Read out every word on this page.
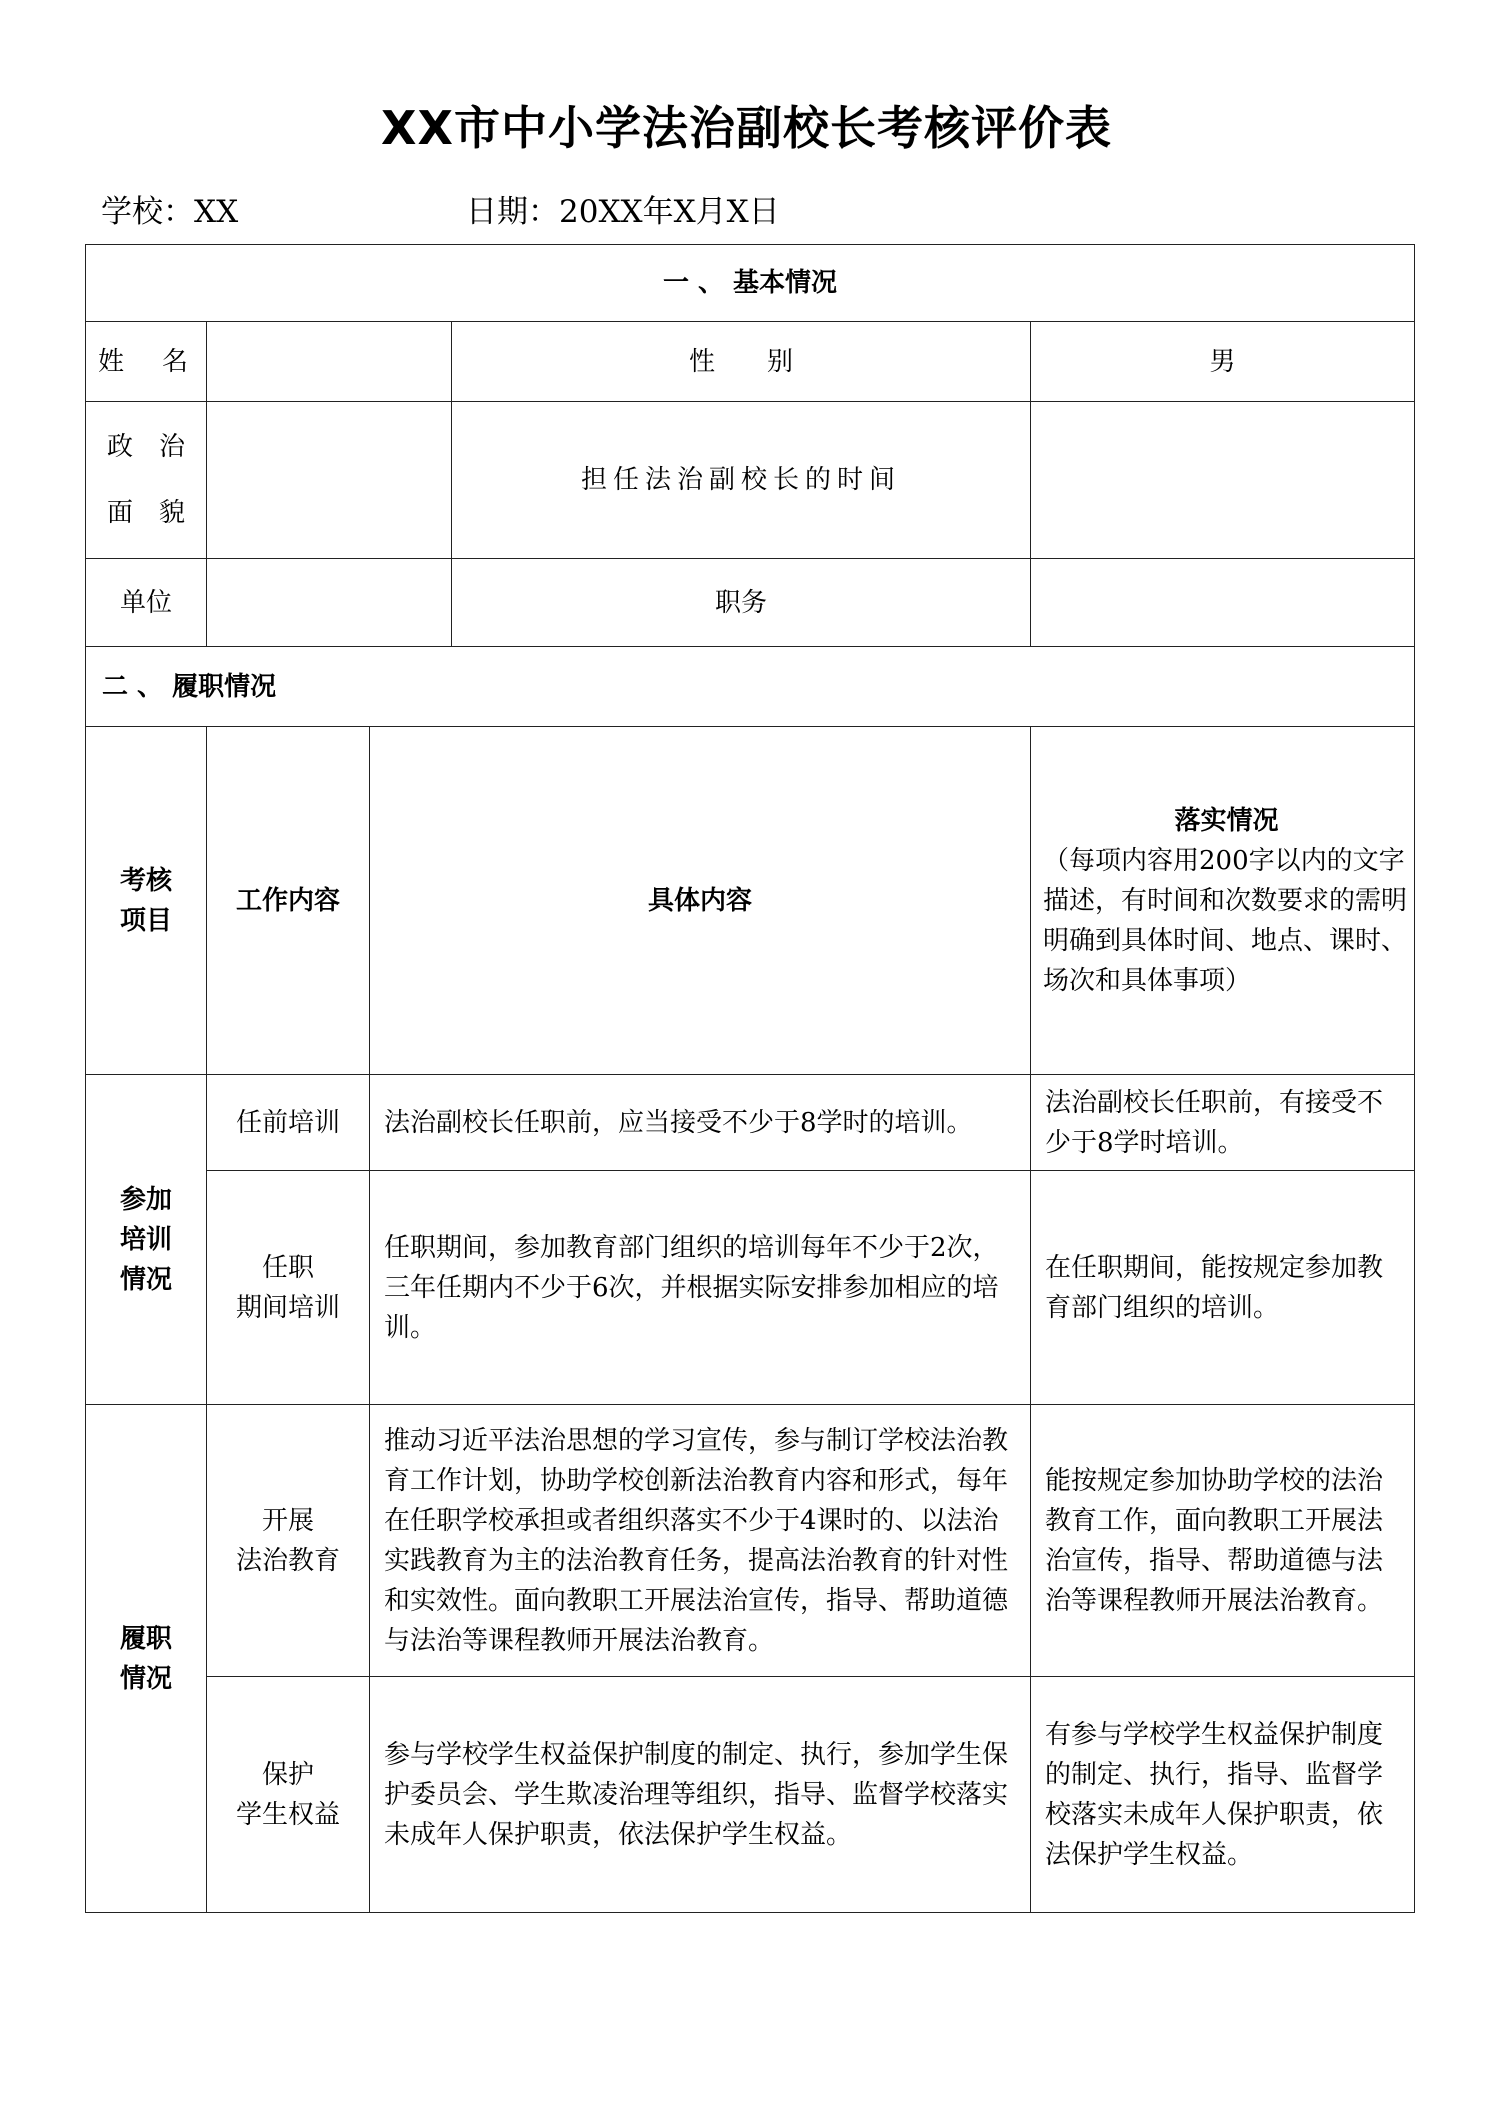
XX市中小学法治副校长考核评价表
学校：XX	日期：20XX年X月X日
一 、 基本情况				
姓　名			性　　别	男

政　治
面　貌			担任法治副校长的时间	
单位			职务	
二 、 履职情况				

考核
项目	工作内容	具体内容		落实情况
（每项内容用200字以内的文字描述，有时间和次数要求的需明明确到具体时间、地点、课时、场次和具体事项）

参加
培训
情况	任前培训	法治副校长任职前，应当接受不少于8学时的培训。		法治副校长任职前，有接受不少于8学时培训。

	任职
期间培训	任职期间，参加教育部门组织的培训每年不少于2次，三年任期内不少于6次，并根据实际安排参加相应的培训。		在任职期间，能按规定参加教育部门组织的培训。

履职
情况	开展
法治教育	推动习近平法治思想的学习宣传，参与制订学校法治教育工作计划，协助学校创新法治教育内容和形式，每年在任职学校承担或者组织落实不少于4课时的、以法治实践教育为主的法治教育任务，提高法治教育的针对性和实效性。面向教职工开展法治宣传，指导、帮助道德与法治等课程教师开展法治教育。		能按规定参加协助学校的法治教育工作，面向教职工开展法治宣传，指导、帮助道德与法治等课程教师开展法治教育。

	保护
学生权益	参与学校学生权益保护制度的制定、执行，参加学生保护委员会、学生欺凌治理等组织，指导、监督学校落实未成年人保护职责，依法保护学生权益。		有参与学校学生权益保护制度的制定、执行，指导、监督学校落实未成年人保护职责，依法保护学生权益。
